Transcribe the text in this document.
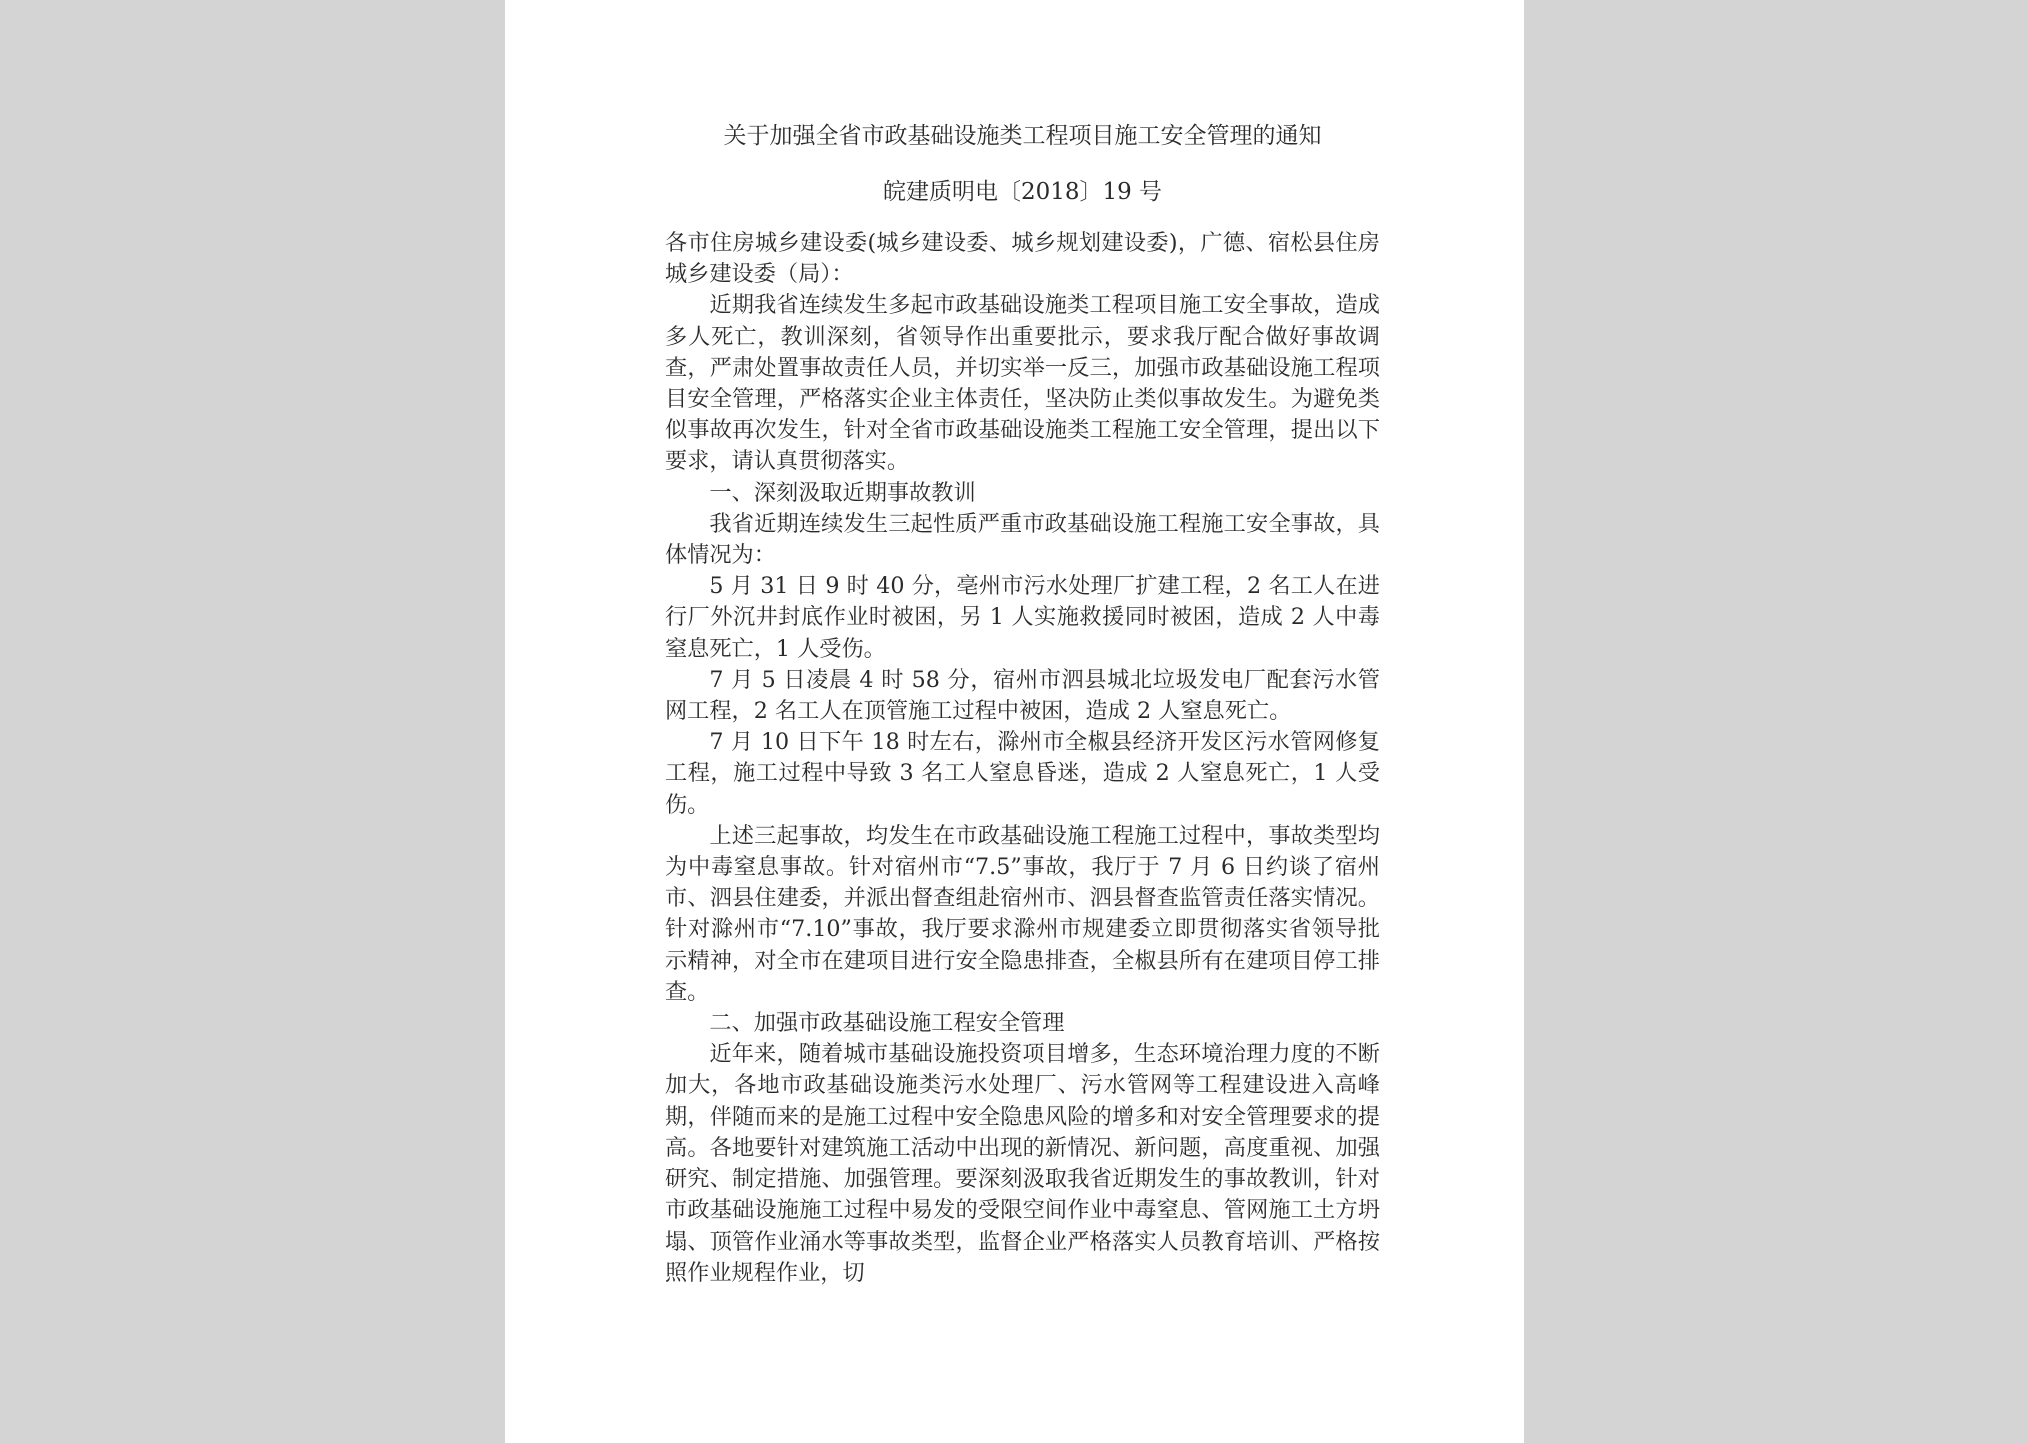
关于加强全省市政基础设施类工程项目施工安全管理的通知
皖建质明电〔2018〕19 号

各市住房城乡建设委(城乡建设委、城乡规划建设委)，广德、宿松县住房城乡建设委（局）：

近期我省连续发生多起市政基础设施类工程项目施工安全事故，造成多人死亡，教训深刻，省领导作出重要批示，要求我厅配合做好事故调查，严肃处置事故责任人员，并切实举一反三，加强市政基础设施工程项目安全管理，严格落实企业主体责任，坚决防止类似事故发生。为避免类似事故再次发生，针对全省市政基础设施类工程施工安全管理，提出以下要求，请认真贯彻落实。

一、深刻汲取近期事故教训

我省近期连续发生三起性质严重市政基础设施工程施工安全事故，具体情况为：

5 月 31 日 9 时 40 分，亳州市污水处理厂扩建工程，2 名工人在进行厂外沉井封底作业时被困，另 1 人实施救援同时被困，造成 2 人中毒窒息死亡，1 人受伤。

7 月 5 日凌晨 4 时 58 分，宿州市泗县城北垃圾发电厂配套污水管网工程，2 名工人在顶管施工过程中被困，造成 2 人窒息死亡。

7 月 10 日下午 18 时左右，滁州市全椒县经济开发区污水管网修复工程，施工过程中导致 3 名工人窒息昏迷，造成 2 人窒息死亡，1 人受伤。

上述三起事故，均发生在市政基础设施工程施工过程中，事故类型均为中毒窒息事故。针对宿州市“7.5”事故，我厅于 7 月 6 日约谈了宿州市、泗县住建委，并派出督查组赴宿州市、泗县督查监管责任落实情况。针对滁州市“7.10”事故，我厅要求滁州市规建委立即贯彻落实省领导批示精神，对全市在建项目进行安全隐患排查，全椒县所有在建项目停工排查。

二、加强市政基础设施工程安全管理

近年来，随着城市基础设施投资项目增多，生态环境治理力度的不断加大，各地市政基础设施类污水处理厂、污水管网等工程建设进入高峰期，伴随而来的是施工过程中安全隐患风险的增多和对安全管理要求的提高。各地要针对建筑施工活动中出现的新情况、新问题，高度重视、加强研究、制定措施、加强管理。要深刻汲取我省近期发生的事故教训，针对市政基础设施施工过程中易发的受限空间作业中毒窒息、管网施工土方坍塌、顶管作业涌水等事故类型，监督企业严格落实人员教育培训、严格按照作业规程作业，切
